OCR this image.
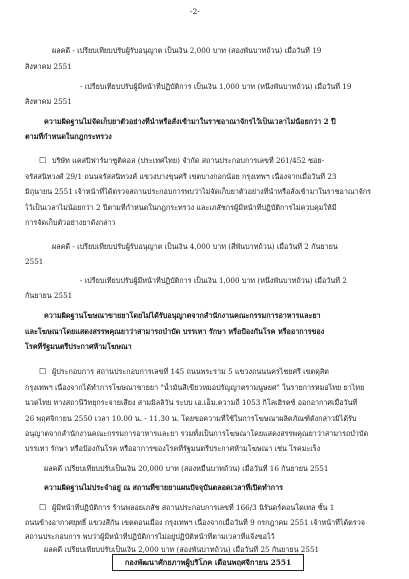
-2-
ผลคดี - เปรียบเทียบปรับผู้รับอนุญาต เป็นเงิน 2,000 บาท (สองพันบาทถ้วน) เมื่อวันที่ 19
สิงหาคม 2551
- เปรียบเทียบปรับผู้มีหน้าที่ปฏิบัติการ เป็นเงิน 1,000 บาท (หนึ่งพันบาทถ้วน) เมื่อวันที่ 19
สิงหาคม 2551
ความผิดฐานไม่จัดเก็บยาตัวอย่างที่นำหรือสั่งเข้ามาในราชอาณาจักรไว้เป็นเวลาไม่น้อยกว่า 2 ปี
ตามที่กำหนดในกฎกระทรวง
☐ บริษัท แคสปิฟาร์มาซูติคอล (ประเทศไทย) จำกัด สถานประกอบการเลขที่ 261/452 ซอย-
จรัสสนิทวงศ์ 29/1 ถนนจรัสสนิทวงศ์ แขวงบางขุนศรี เขตบางกอกน้อย กรุงเทพฯ เนื่องจากเมื่อวันที่ 23
มิถุนายน 2551 เจ้าหน้าที่ได้ตรวจสถานประกอบการพบว่าไม่จัดเก็บยาตัวอย่างที่นำหรือสั่งเข้ามาในราชอาณาจักร
ไว้เป็นเวลาไม่น้อยกว่า 2 ปีตามที่กำหนดในกฎกระทรวง และเภสัชกรผู้มีหน้าที่ปฏิบัติการไม่ควบคุมให้มี
การจัดเก็บตัวอย่างยาดังกล่าว
ผลคดี - เปรียบเทียบปรับผู้รับอนุญาต เป็นเงิน 4,000 บาท (สี่พันบาทถ้วน) เมื่อวันที่ 2 กันยายน
2551
- เปรียบเทียบปรับผู้มีหน้าที่ปฏิบัติการ เป็นเงิน 1,000 บาท (หนึ่งพันบาทถ้วน) เมื่อวันที่ 2
กันยายน 2551
ความผิดฐานโฆษณาขายยาโดยไม่ได้รับอนุญาตจากสำนักงานคณะกรรมการอาหารและยา
และโฆษณาโดยแสดงสรรพคุณยาว่าสามารถบำบัด บรรเทา รักษา หรือป้องกันโรค หรืออาการของ
โรคที่รัฐมนตรีประกาศห้ามโฆษณา
☐ ผู้ประกอบการ สถานประกอบการเลขที่ 145 ถนนพระราม 5 แขวงถนนนครไชยศรี เขตดุสิต
กรุงเทพฯ เนื่องจากได้ทำการโฆษณาขายยา "น้ำมันสีเขียวหมอปรัญญาตรามนูษยศ" ในรายการหมอไทย ยาไทย
นวดไทย ทางสถานีวิทยุกระจายเสียง สามมิลลิวัน ระบบ เอ.เอ็ม.ความถี่ 1053 กิโลเฮิรตซ์ ออกอากาศเมื่อวันที่
26 พฤศจิกายน 2550 เวลา 10.00 น. - 11.30 น. โดยขอความที่ใช้ในการโฆษณาผลิตภัณฑ์ดังกล่าวมิได้รับ
อนุญาตจากสำนักงานคณะกรรมการอาหารและยา รวมทั้งเป็นการโฆษณาโดยแสดงสรรพคุณยาว่าสามารถบำบัด
บรรเทา รักษา หรือป้องกันโรค หรืออาการของโรคที่รัฐมนตรีประกาศห้ามโฆษณา เช่น โรคมะเร็ง
ผลคดี เปรียบเทียบปรับเป็นเงิน 20,000 บาท (สองหมื่นบาทถ้วน) เมื่อวันที่ 16 กันยายน 2551
ความผิดฐานไม่ประจำอยู่ ณ สถานที่ขายยาแผนปัจจุบันตลอดเวลาที่เปิดทำการ
☐ ผู้มีหน้าที่ปฏิบัติการ ร้านพลอยเภสัช สถานประกอบการเลขที่ 166/3 นิรันดร์คอนโดเทล ชั้น 1
ถนนข้างอากาศยุทธิ์ แขวงสีกัน เขตดอนเมือง กรุงเทพฯ เนื่องจากเมื่อวันที่ 9 กรกฎาคม 2551 เจ้าหน้าที่ได้ตรวจ
สถานประกอบการ พบว่าผู้มีหน้าที่ปฏิบัติการไม่อยู่ปฏิบัติหน้าที่ตามเวลาที่แจ้งขอไว้
ผลคดี เปรียบเทียบปรับเป็นเงิน 2,000 บาท (สองพันบาทถ้วน) เมื่อวันที่ 25 กันยายน 2551
กองพัฒนาศักยภาพผู้บริโภค เดือนพฤศจิกายน 2551
